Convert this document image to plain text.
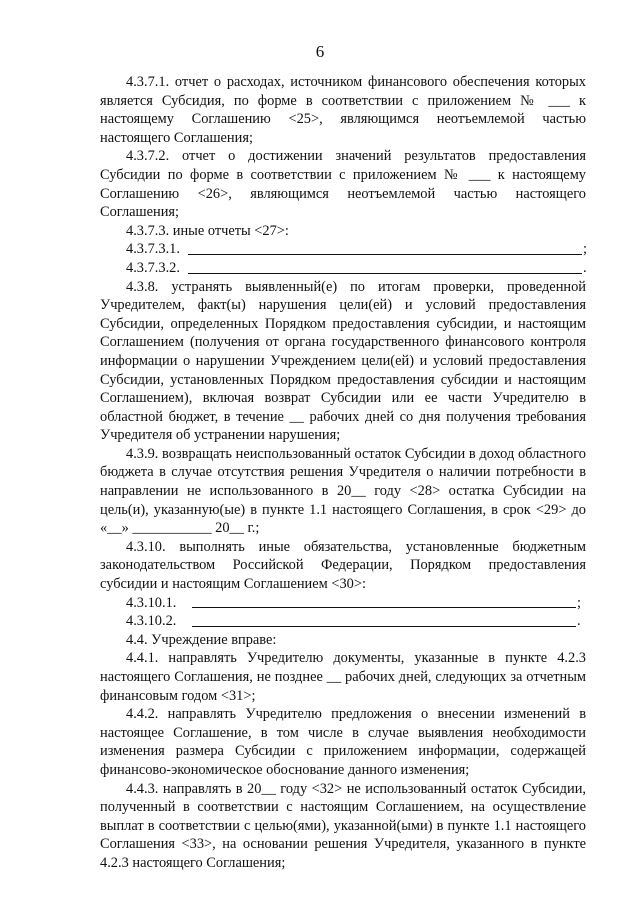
6

4.3.7.1. отчет о расходах, источником финансового обеспечения которых является Субсидия, по форме в соответствии с приложением № ___ к настоящему Соглашению <25>, являющимся неотъемлемой частью настоящего Соглашения;

4.3.7.2. отчет о достижении значений результатов предоставления Субсидии по форме в соответствии с приложением № ___ к настоящему Соглашению <26>, являющимся неотъемлемой частью настоящего Соглашения;

4.3.7.3. иные отчеты <27>:

4.3.7.3.1.	;
4.3.7.3.2.	.

4.3.8. устранять выявленный(е) по итогам проверки, проведенной Учредителем, факт(ы) нарушения цели(ей) и условий предоставления Субсидии, определенных Порядком предоставления субсидии, и настоящим Соглашением (получения от органа государственного финансового контроля информации о нарушении Учреждением цели(ей) и условий предоставления Субсидии, установленных Порядком предоставления субсидии и настоящим Соглашением), включая возврат Субсидии или ее части Учредителю в областной бюджет, в течение __ рабочих дней со дня получения требования Учредителя об устранении нарушения;

4.3.9. возвращать неиспользованный остаток Субсидии в доход областного бюджета в случае отсутствия решения Учредителя о наличии потребности в направлении не использованного в 20__ году <28> остатка Субсидии на цель(и), указанную(ые) в пункте 1.1 настоящего Соглашения, в срок <29> до «__» ___________ 20__ г.;

4.3.10. выполнять иные обязательства, установленные бюджетным законодательством Российской Федерации, Порядком предоставления субсидии и настоящим Соглашением <30>:

4.3.10.1.	;
4.3.10.2.	.

4.4. Учреждение вправе:

4.4.1. направлять Учредителю документы, указанные в пункте 4.2.3 настоящего Соглашения, не позднее __ рабочих дней, следующих за отчетным финансовым годом <31>;

4.4.2. направлять Учредителю предложения о внесении изменений в настоящее Соглашение, в том числе в случае выявления необходимости изменения размера Субсидии с приложением информации, содержащей финансово-экономическое обоснование данного изменения;

4.4.3. направлять в 20__ году <32> не использованный остаток Субсидии, полученный в соответствии с настоящим Соглашением, на осуществление выплат в соответствии с целью(ями), указанной(ыми) в пункте 1.1 настоящего Соглашения <33>, на основании решения Учредителя, указанного в пункте 4.2.3 настоящего Соглашения;
